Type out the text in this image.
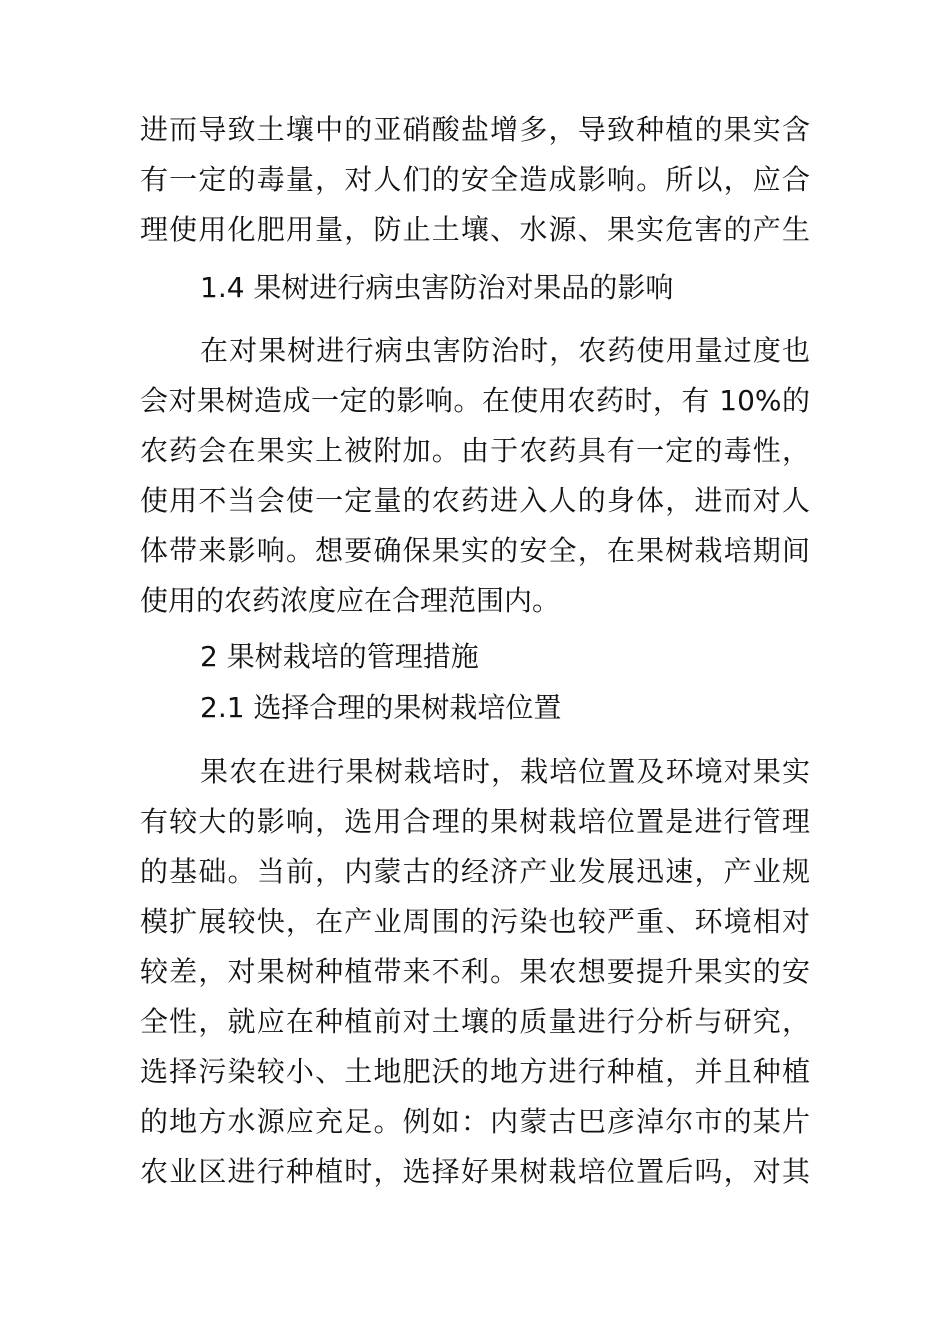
进而导致土壤中的亚硝酸盐增多，导致种植的果实含
有一定的毒量，对人们的安全造成影响。所以，应合
理使用化肥用量，防止土壤、水源、果实危害的产生
1.4 果树进行病虫害防治对果品的影响
在对果树进行病虫害防治时，农药使用量过度也
会对果树造成一定的影响。在使用农药时，有 10%的
农药会在果实上被附加。由于农药具有一定的毒性，
使用不当会使一定量的农药进入人的身体，进而对人
体带来影响。想要确保果实的安全，在果树栽培期间
使用的农药浓度应在合理范围内。
2 果树栽培的管理措施
2.1 选择合理的果树栽培位置
果农在进行果树栽培时，栽培位置及环境对果实
有较大的影响，选用合理的果树栽培位置是进行管理
的基础。当前，内蒙古的经济产业发展迅速，产业规
模扩展较快，在产业周围的污染也较严重、环境相对
较差，对果树种植带来不利。果农想要提升果实的安
全性，就应在种植前对土壤的质量进行分析与研究，
选择污染较小、土地肥沃的地方进行种植，并且种植
的地方水源应充足。例如：内蒙古巴彦淖尔市的某片
农业区进行种植时，选择好果树栽培位置后吗，对其
